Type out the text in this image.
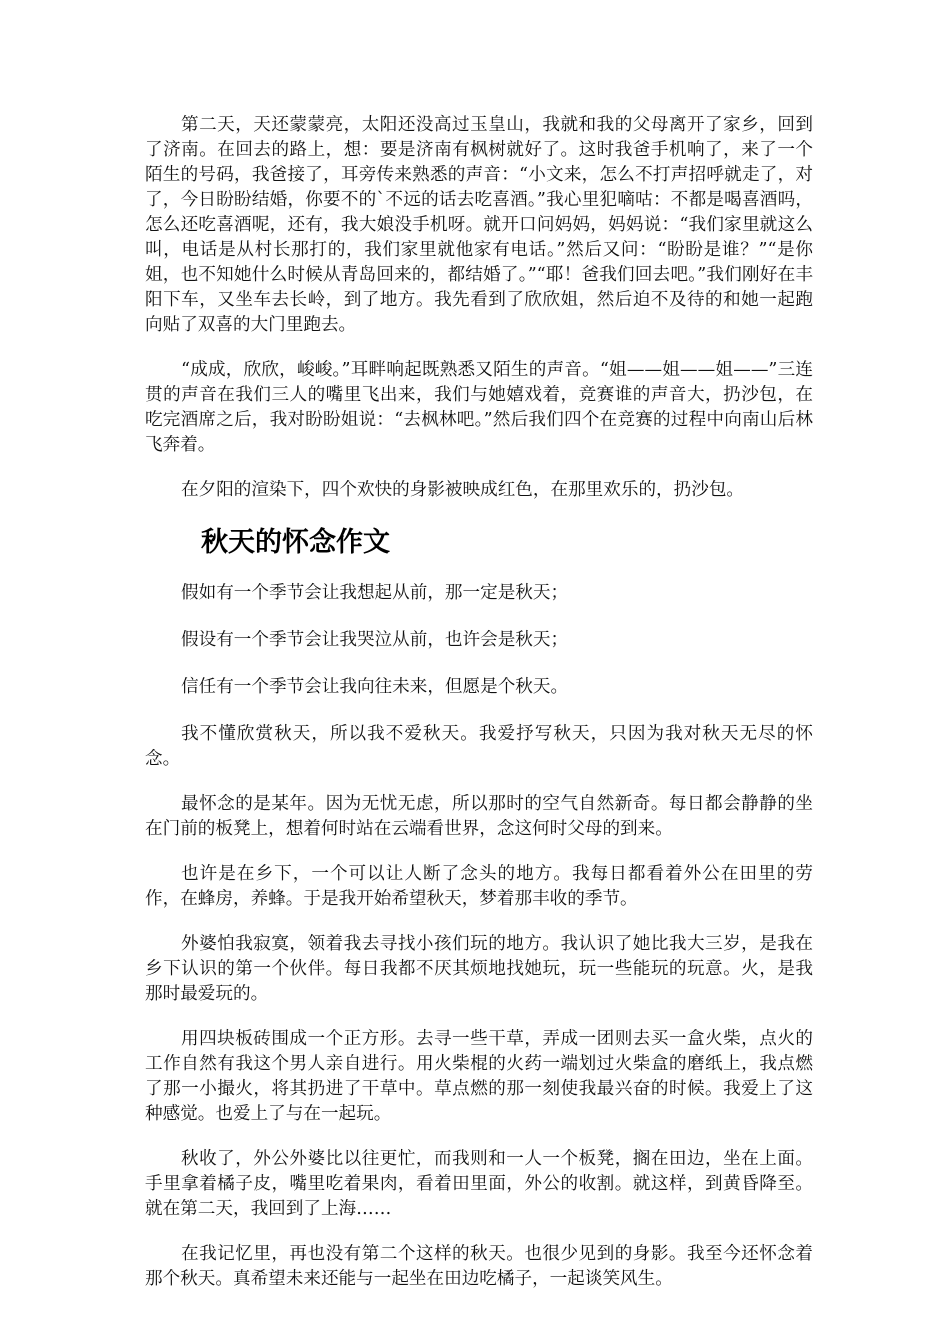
第二天，天还蒙蒙亮，太阳还没高过玉皇山，我就和我的父母离开了家乡，回到了济南。在回去的路上，想：要是济南有枫树就好了。这时我爸手机响了，来了一个陌生的号码，我爸接了，耳旁传来熟悉的声音：“小文来，怎么不打声招呼就走了，对了，今日盼盼结婚，你要不的`不远的话去吃喜酒。”我心里犯嘀咕：不都是喝喜酒吗，怎么还吃喜酒呢，还有，我大娘没手机呀。就开口问妈妈，妈妈说：“我们家里就这么叫，电话是从村长那打的，我们家里就他家有电话。”然后又问：“盼盼是谁？”“是你姐，也不知她什么时候从青岛回来的，都结婚了。”“耶！爸我们回去吧。”我们刚好在丰阳下车，又坐车去长岭，到了地方。我先看到了欣欣姐，然后迫不及待的和她一起跑向贴了双喜的大门里跑去。

“成成，欣欣，峻峻。”耳畔响起既熟悉又陌生的声音。“姐——姐——姐——”三连贯的声音在我们三人的嘴里飞出来，我们与她嬉戏着，竞赛谁的声音大，扔沙包，在吃完酒席之后，我对盼盼姐说：“去枫林吧。”然后我们四个在竞赛的过程中向南山后林飞奔着。

在夕阳的渲染下，四个欢快的身影被映成红色，在那里欢乐的，扔沙包。

秋天的怀念作文

假如有一个季节会让我想起从前，那一定是秋天；

假设有一个季节会让我哭泣从前，也许会是秋天；

信任有一个季节会让我向往未来，但愿是个秋天。

我不懂欣赏秋天，所以我不爱秋天。我爱抒写秋天，只因为我对秋天无尽的怀念。

最怀念的是某年。因为无忧无虑，所以那时的空气自然新奇。每日都会静静的坐在门前的板凳上，想着何时站在云端看世界，念这何时父母的到来。

也许是在乡下，一个可以让人断了念头的地方。我每日都看着外公在田里的劳作，在蜂房，养蜂。于是我开始希望秋天，梦着那丰收的季节。

外婆怕我寂寞，领着我去寻找小孩们玩的地方。我认识了她比我大三岁，是我在乡下认识的第一个伙伴。每日我都不厌其烦地找她玩，玩一些能玩的玩意。火，是我那时最爱玩的。

用四块板砖围成一个正方形。去寻一些干草，弄成一团则去买一盒火柴，点火的工作自然有我这个男人亲自进行。用火柴棍的火药一端划过火柴盒的磨纸上，我点燃了那一小撮火，将其扔进了干草中。草点燃的那一刻使我最兴奋的时候。我爱上了这种感觉。也爱上了与在一起玩。

秋收了，外公外婆比以往更忙，而我则和一人一个板凳，搁在田边，坐在上面。手里拿着橘子皮，嘴里吃着果肉，看着田里面，外公的收割。就这样，到黄昏降至。就在第二天，我回到了上海……

在我记忆里，再也没有第二个这样的秋天。也很少见到的身影。我至今还怀念着那个秋天。真希望未来还能与一起坐在田边吃橘子，一起谈笑风生。
